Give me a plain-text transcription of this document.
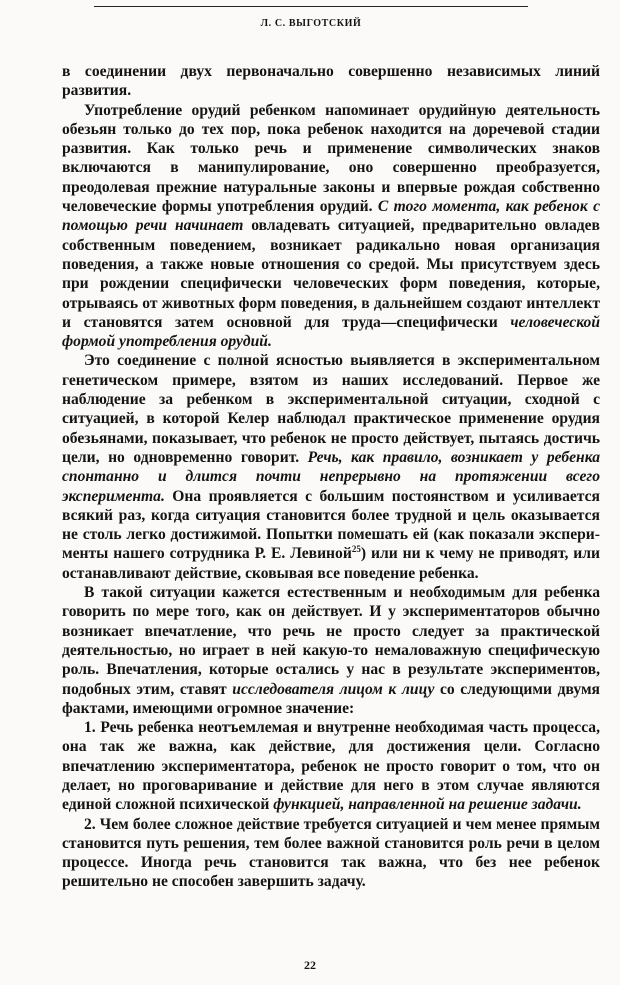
Л. С. ВЫГОТСКИЙ

в соединении двух первоначально совершенно независимых линий развития.

Употребление орудий ребенком напоминает орудийную деятельность обезьян только до тех пор, пока ребенок находится на доречевой стадии развития. Как только речь и применение символических знаков включаются в манипулирование, оно совершенно преобразуется, преодолевая прежние натуральные законы и впервые рождая собственно человеческие формы употребления орудий. С того момента, как ребенок с помощью речи начинает овладевать ситуацией, предварительно овладев собственным поведением, возникает радикально новая организация поведения, а также новые отношения со средой. Мы присутствуем здесь при рождении специфически человеческих форм поведения, которые, отрываясь от животных форм поведения, в дальнейшем создают интеллект и становятся затем основной для труда—специфически человеческой формой употребления орудий.

Это соединение с полной ясностью выявляется в экспериментальном генетическом примере, взятом из наших исследований. Первое же наблюдение за ребенком в экспериментальной ситуации, сходной с ситуацией, в которой Келер наблюдал практическое применение орудия обезьянами, показывает, что ребенок не просто действует, пытаясь достичь цели, но одновременно говорит. Речь, как правило, возникает у ребенка спонтанно и длится почти непрерывно на протяжении всего эксперимента. Она проявляется с большим постоянством и усиливается всякий раз, когда ситуация становится более трудной и цель оказывается не столь легко достижимой. Попытки помешать ей (как показали эксперименты нашего сотрудника Р. Е. Левиной$^{25}$) или ни к чему не приводят, или останавливают действие, сковывая все поведение ребенка.

В такой ситуации кажется естественным и необходимым для ребенка говорить по мере того, как он действует. И у экспериментаторов обычно возникает впечатление, что речь не просто следует за практической деятельностью, но играет в ней какую-то немаловажную специфическую роль. Впечатления, которые остались у нас в результате экспериментов, подобных этим, ставят исследователя лицом к лицу со следующими двумя фактами, имеющими огромное значение:

1. Речь ребенка неотъемлемая и внутренне необходимая часть процесса, она так же важна, как действие, для достижения цели. Согласно впечатлению экспериментатора, ребенок не просто говорит о том, что он делает, но проговаривание и действие для него в этом случае являются единой сложной психической функцией, направленной на решение задачи.

2. Чем более сложное действие требуется ситуацией и чем менее прямым становится путь решения, тем более важной становится роль речи в целом процессе. Иногда речь становится так важна, что без нее ребенок решительно не способен завершить задачу.

22
